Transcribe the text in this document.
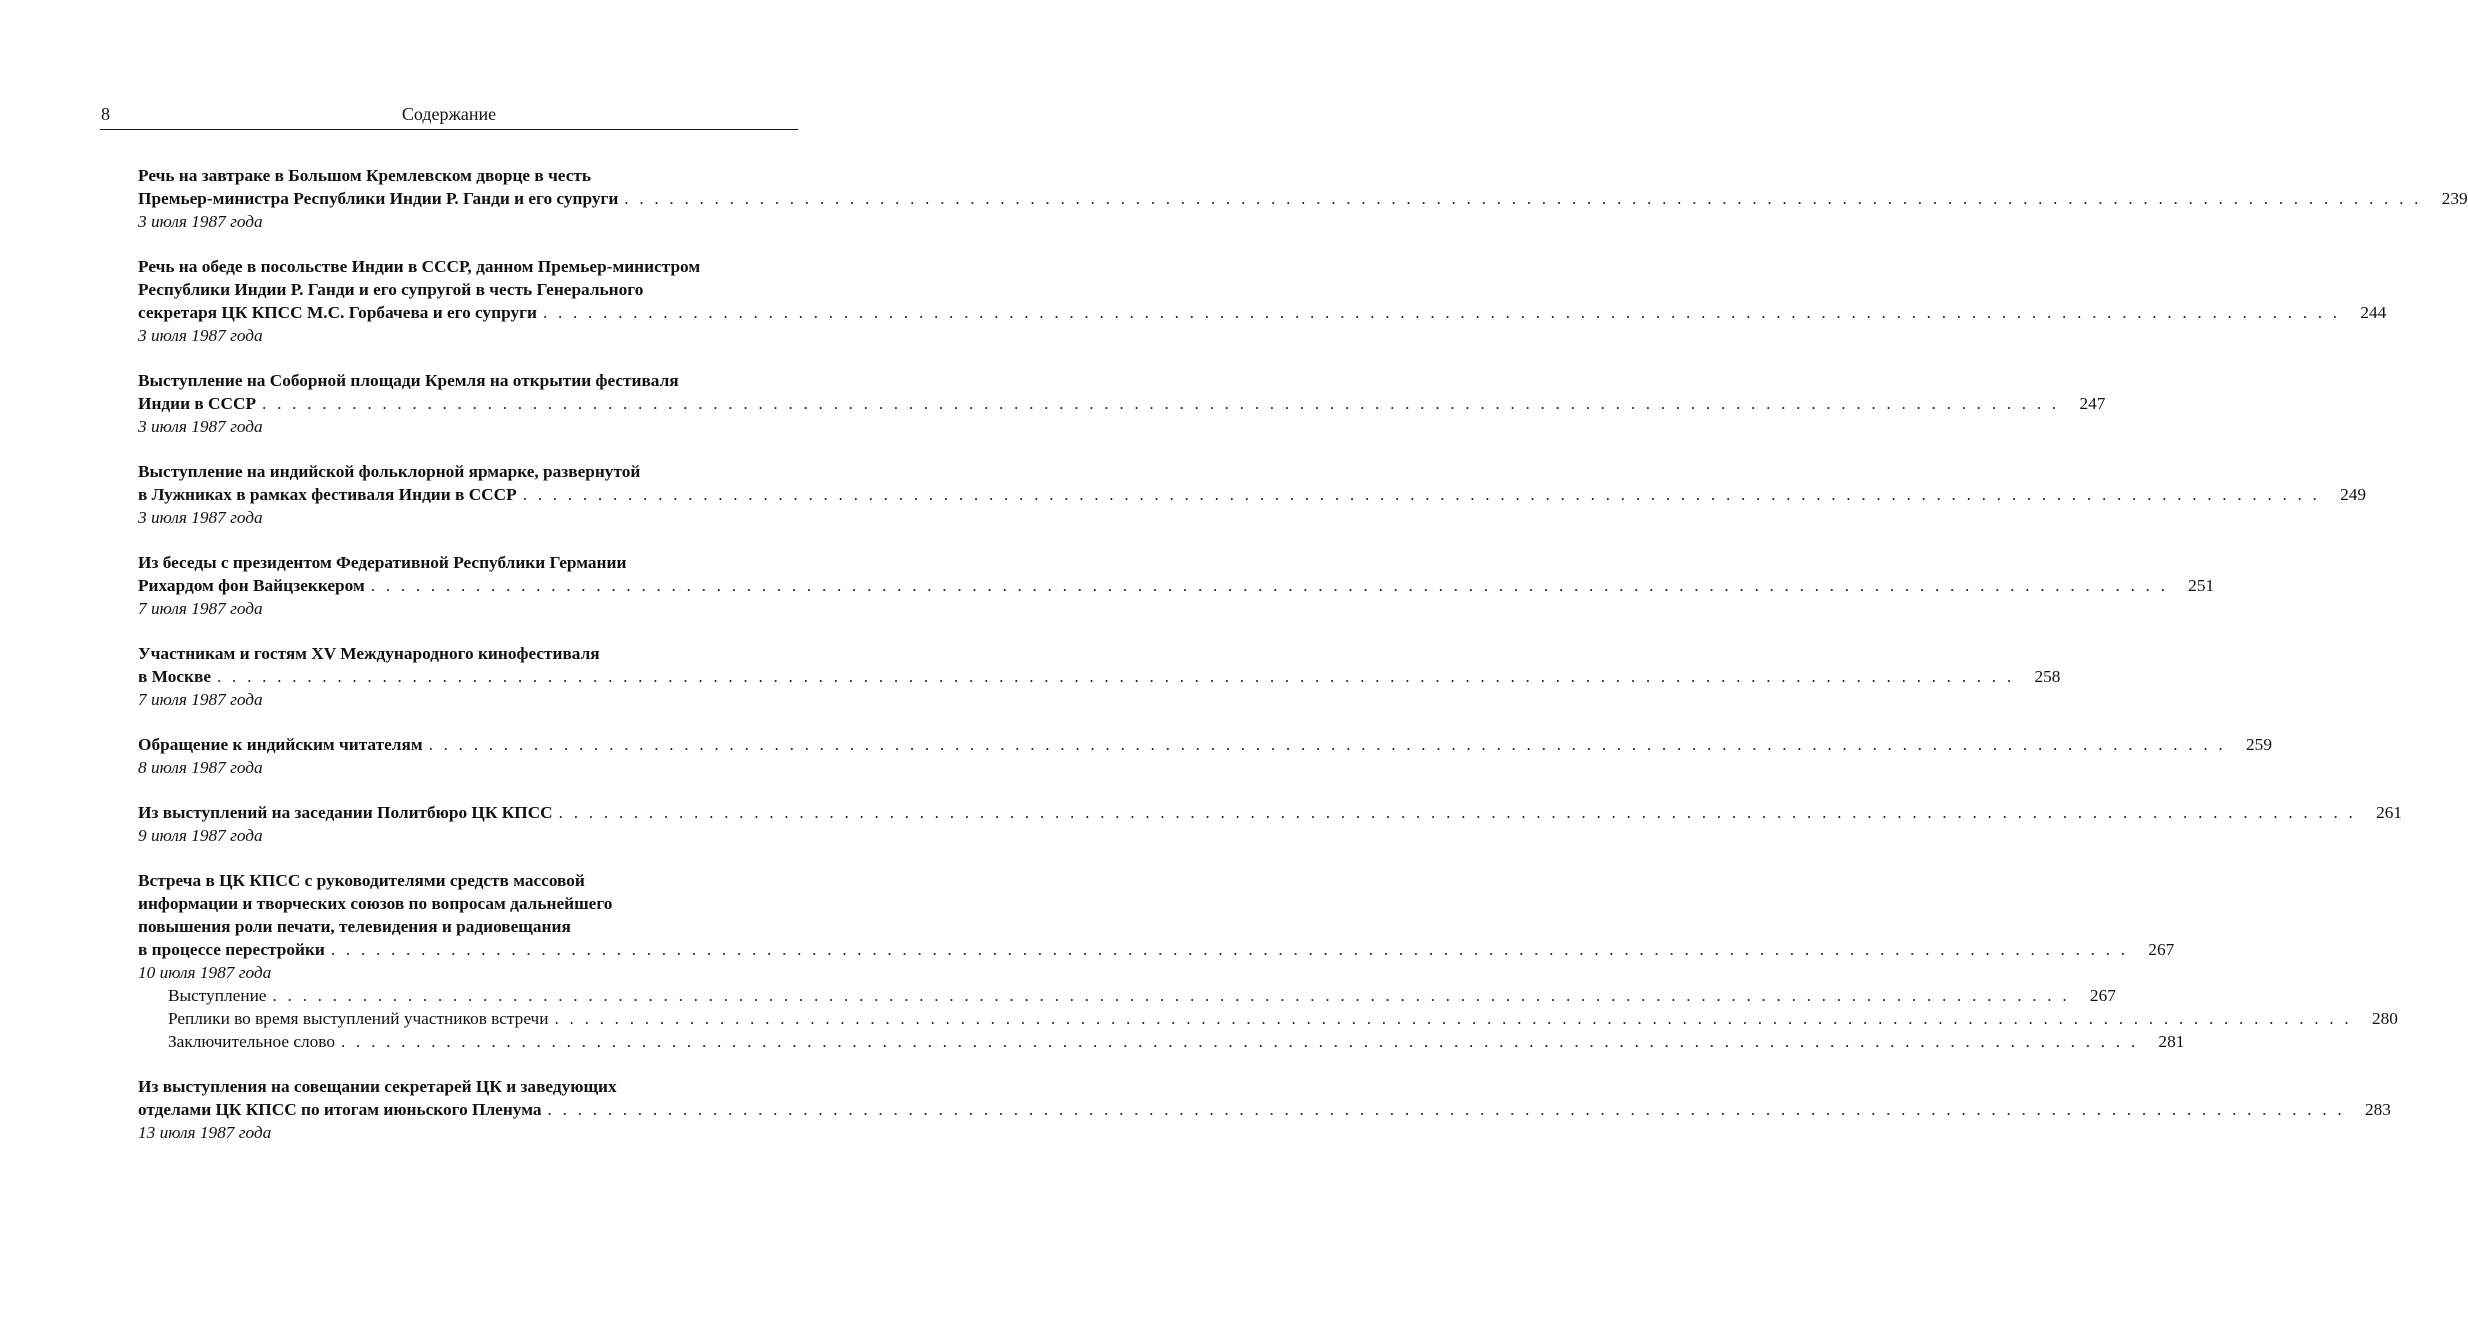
8	Содержание
Речь на завтраке в Большом Кремлевском дворце в честь
Премьер-министра Республики Индии Р. Ганди и его супруги . . . . . . . . . . . . . . . . . . . . . . . . . . . . . . . . . . . . . . . . . . . . . . . . . . . . . . . . . . . . . . . . . . . . . . . . . . . . . . . . . . . . . . . . . . . . . . . . . . . . . . . . . . . . . . . . . . . . . . . .	239
3 июля 1987 года
Речь на обеде в посольстве Индии в СССР, данном Премьер-министром
Республики Индии Р. Ганди и его супругой в честь Генерального
секретаря ЦК КПСС М.С. Горбачева и его супруги . . . . . . . . . . . . . . . . . . . . . . . . . . . . . . . . . . . . . . . . . . . . . . . . . . . . . . . . . . . . . . . . . . . . . . . . . . . . . . . . . . . . . . . . . . . . . . . . . . . . . . . . . . . . . . . . . . . . . . . .	244
3 июля 1987 года
Выступление на Соборной площади Кремля на открытии фестиваля
Индии в СССР . . . . . . . . . . . . . . . . . . . . . . . . . . . . . . . . . . . . . . . . . . . . . . . . . . . . . . . . . . . . . . . . . . . . . . . . . . . . . . . . . . . . . . . . . . . . . . . . . . . . . . . . . . . . . . . . . . . . . . . .	247
3 июля 1987 года
Выступление на индийской фольклорной ярмарке, развернутой
в Лужниках в рамках фестиваля Индии в СССР . . . . . . . . . . . . . . . . . . . . . . . . . . . . . . . . . . . . . . . . . . . . . . . . . . . . . . . . . . . . . . . . . . . . . . . . . . . . . . . . . . . . . . . . . . . . . . . . . . . . . . . . . . . . . . . . . . . . . . . .	249
3 июля 1987 года
Из беседы с президентом Федеративной Республики Германии
Рихардом фон Вайцзеккером . . . . . . . . . . . . . . . . . . . . . . . . . . . . . . . . . . . . . . . . . . . . . . . . . . . . . . . . . . . . . . . . . . . . . . . . . . . . . . . . . . . . . . . . . . . . . . . . . . . . . . . . . . . . . . . . . . . . . . . .	251
7 июля 1987 года
Участникам и гостям XV Международного кинофестиваля
в Москве . . . . . . . . . . . . . . . . . . . . . . . . . . . . . . . . . . . . . . . . . . . . . . . . . . . . . . . . . . . . . . . . . . . . . . . . . . . . . . . . . . . . . . . . . . . . . . . . . . . . . . . . . . . . . . . . . . . . . . . .	258
7 июля 1987 года
Обращение к индийским читателям . . . . . . . . . . . . . . . . . . . . . . . . . . . . . . . . . . . . . . . . . . . . . . . . . . . . . . . . . . . . . . . . . . . . . . . . . . . . . . . . . . . . . . . . . . . . . . . . . . . . . . . . . . . . . . . . . . . . . . . .	259
8 июля 1987 года
Из выступлений на заседании Политбюро ЦК КПСС . . . . . . . . . . . . . . . . . . . . . . . . . . . . . . . . . . . . . . . . . . . . . . . . . . . . . . . . . . . . . . . . . . . . . . . . . . . . . . . . . . . . . . . . . . . . . . . . . . . . . . . . . . . . . . . . . . . . . . . .	261
9 июля 1987 года
Встреча в ЦК КПСС с руководителями средств массовой
информации и творческих союзов по вопросам дальнейшего
повышения роли печати, телевидения и радиовещания
в процессе перестройки . . . . . . . . . . . . . . . . . . . . . . . . . . . . . . . . . . . . . . . . . . . . . . . . . . . . . . . . . . . . . . . . . . . . . . . . . . . . . . . . . . . . . . . . . . . . . . . . . . . . . . . . . . . . . . . . . . . . . . . .	267
10 июля 1987 года
Выступление . . . . . . . . . . . . . . . . . . . . . . . . . . . . . . . . . . . . . . . . . . . . . . . . . . . . . . . . . . . . . . . . . . . . . . . . . . . . . . . . . . . . . . . . . . . . . . . . . . . . . . . . . . . . . . . . . . . . . . . .	267
Реплики во время выступлений участников встречи . . . . . . . . . . . . . . . . . . . . . . . . . . . . . . . . . . . . . . . . . . . . . . . . . . . . . . . . . . . . . . . . . . . . . . . . . . . . . . . . . . . . . . . . . . . . . . . . . . . . . . . . . . . . . . . . . . . . . . . .	280
Заключительное слово . . . . . . . . . . . . . . . . . . . . . . . . . . . . . . . . . . . . . . . . . . . . . . . . . . . . . . . . . . . . . . . . . . . . . . . . . . . . . . . . . . . . . . . . . . . . . . . . . . . . . . . . . . . . . . . . . . . . . . . .	281
Из выступления на совещании секретарей ЦК и заведующих
отделами ЦК КПСС по итогам июньского Пленума . . . . . . . . . . . . . . . . . . . . . . . . . . . . . . . . . . . . . . . . . . . . . . . . . . . . . . . . . . . . . . . . . . . . . . . . . . . . . . . . . . . . . . . . . . . . . . . . . . . . . . . . . . . . . . . . . . . . . . . .	283
13 июля 1987 года
